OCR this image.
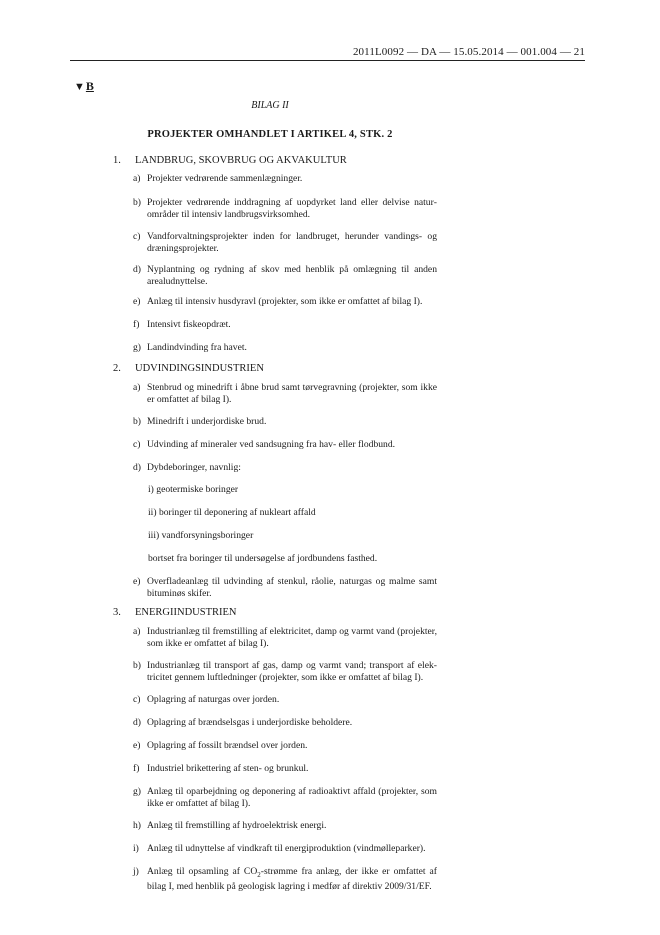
2011L0092 — DA — 15.05.2014 — 001.004 — 21
▼B
BILAG II
PROJEKTER OMHANDLET I ARTIKEL 4, STK. 2
1. LANDBRUG, SKOVBRUG OG AKVAKULTUR
a) Projekter vedrørende sammenlægninger.
b) Projekter vedrørende inddragning af uopdyrket land eller delvise naturområder til intensiv landbrugsvirksomhed.
c) Vandforvaltningsprojekter inden for landbruget, herunder vandings- og dræningsprojekter.
d) Nyplantning og rydning af skov med henblik på omlægning til anden arealudnyttelse.
e) Anlæg til intensiv husdyravl (projekter, som ikke er omfattet af bilag I).
f) Intensivt fiskeopdræt.
g) Landindvinding fra havet.
2. UDVINDINGSINDUSTRIEN
a) Stenbrud og minedrift i åbne brud samt tørvegravning (projekter, som ikke er omfattet af bilag I).
b) Minedrift i underjordiske brud.
c) Udvinding af mineraler ved sandsugning fra hav- eller flodbund.
d) Dybdeboringer, navnlig:
i) geotermiske boringer
ii) boringer til deponering af nukleart affald
iii) vandforsyningsboringer
bortset fra boringer til undersøgelse af jordbundens fasthed.
e) Overfladeanlæg til udvinding af stenkul, råolie, naturgas og malme samt bituminøs skifer.
3. ENERGIINDUSTRIEN
a) Industrianlæg til fremstilling af elektricitet, damp og varmt vand (projekter, som ikke er omfattet af bilag I).
b) Industrianlæg til transport af gas, damp og varmt vand; transport af elektricitet gennem luftledninger (projekter, som ikke er omfattet af bilag I).
c) Oplagring af naturgas over jorden.
d) Oplagring af brændselsgas i underjordiske beholdere.
e) Oplagring af fossilt brændsel over jorden.
f) Industriel brikettering af sten- og brunkul.
g) Anlæg til oparbejdning og deponering af radioaktivt affald (projekter, som ikke er omfattet af bilag I).
h) Anlæg til fremstilling af hydroelektrisk energi.
i) Anlæg til udnyttelse af vindkraft til energiproduktion (vindmølleparker).
j) Anlæg til opsamling af $CO_2$-strømme fra anlæg, der ikke er omfattet af bilag I, med henblik på geologisk lagring i medfør af direktiv 2009/31/EF.
